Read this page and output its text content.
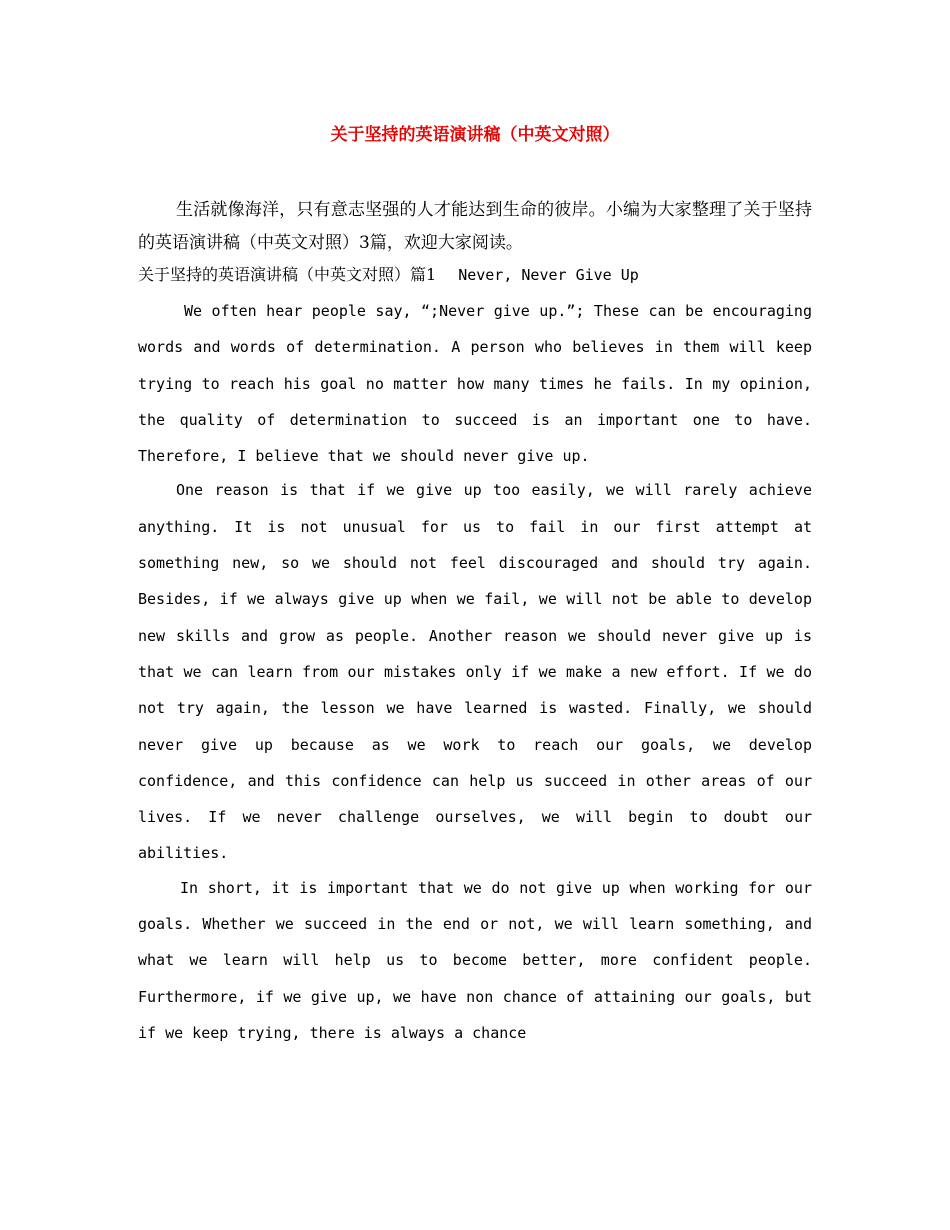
关于坚持的英语演讲稿（中英文对照）

生活就像海洋，只有意志坚强的人才能达到生命的彼岸。小编为大家整理了关于坚持的英语演讲稿（中英文对照）3篇，欢迎大家阅读。

关于坚持的英语演讲稿（中英文对照）篇1 Never, Never Give Up

We often hear people say, “;Never give up.”; These can be encouraging words and words of determination. A person who believes in them will keep trying to reach his goal no matter how many times he fails. In my opinion, the quality of determination to succeed is an important one to have. Therefore, I believe that we should never give up.

One reason is that if we give up too easily, we will rarely achieve anything. It is not unusual for us to fail in our first attempt at something new, so we should not feel discouraged and should try again. Besides, if we always give up when we fail, we will not be able to develop new skills and grow as people. Another reason we should never give up is that we can learn from our mistakes only if we make a new effort. If we do not try again, the lesson we have learned is wasted. Finally, we should never give up because as we work to reach our goals, we develop confidence, and this confidence can help us succeed in other areas of our lives. If we never challenge ourselves, we will begin to doubt our abilities.

In short, it is important that we do not give up when working for our goals. Whether we succeed in the end or not, we will learn something, and what we learn will help us to become better, more confident people. Furthermore, if we give up, we have non chance of attaining our goals, but if we keep trying, there is always a chance
